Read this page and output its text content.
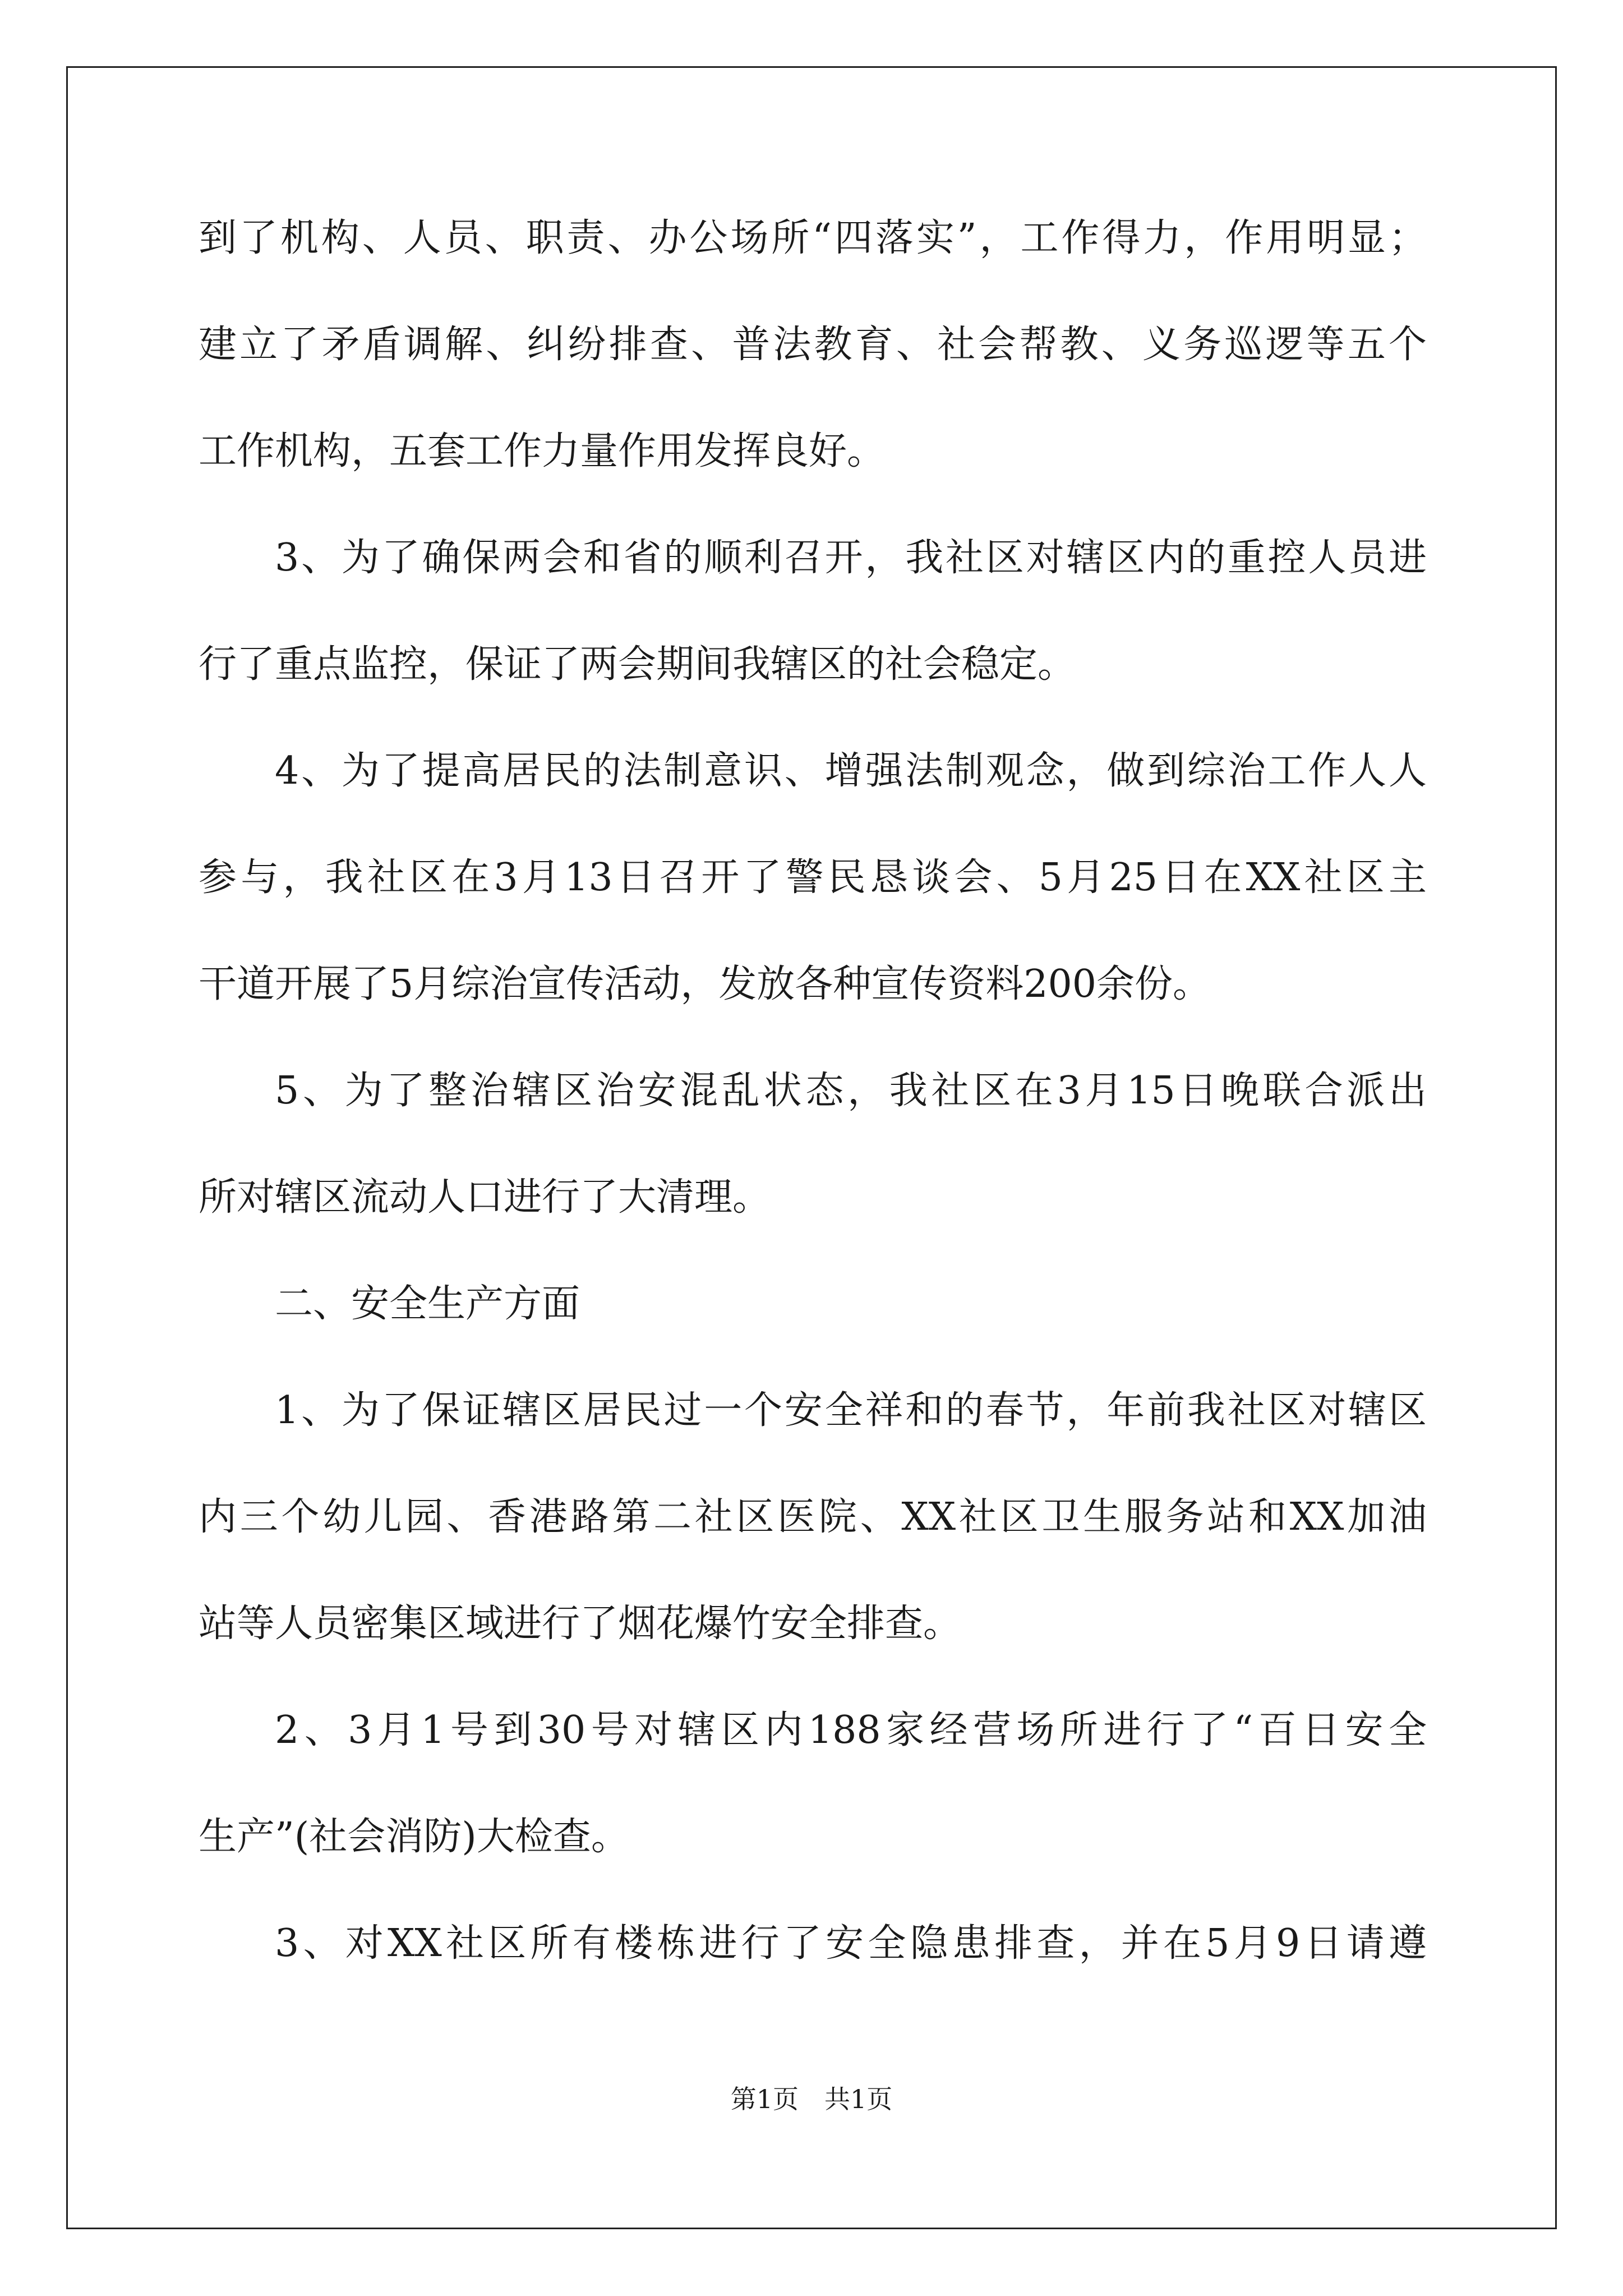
到了机构、人员、职责、办公场所“四落实”，工作得力，作用明显；
建立了矛盾调解、纠纷排查、普法教育、社会帮教、义务巡逻等五个
工作机构，五套工作力量作用发挥良好。
3、为了确保两会和省的顺利召开，我社区对辖区内的重控人员进
行了重点监控，保证了两会期间我辖区的社会稳定。
4、为了提高居民的法制意识、增强法制观念，做到综治工作人人
参与，我社区在3月13日召开了警民恳谈会、5月25日在XX社区主
干道开展了5月综治宣传活动，发放各种宣传资料200余份。
5、为了整治辖区治安混乱状态，我社区在3月15日晚联合派出
所对辖区流动人口进行了大清理。
二、安全生产方面
1、为了保证辖区居民过一个安全祥和的春节，年前我社区对辖区
内三个幼儿园、香港路第二社区医院、XX社区卫生服务站和XX加油
站等人员密集区域进行了烟花爆竹安全排查。
2、3月1号到30号对辖区内188家经营场所进行了“百日安全
生产”(社会消防)大检查。
3、对XX社区所有楼栋进行了安全隐患排查，并在5月9日请遵
第1页　共1页
